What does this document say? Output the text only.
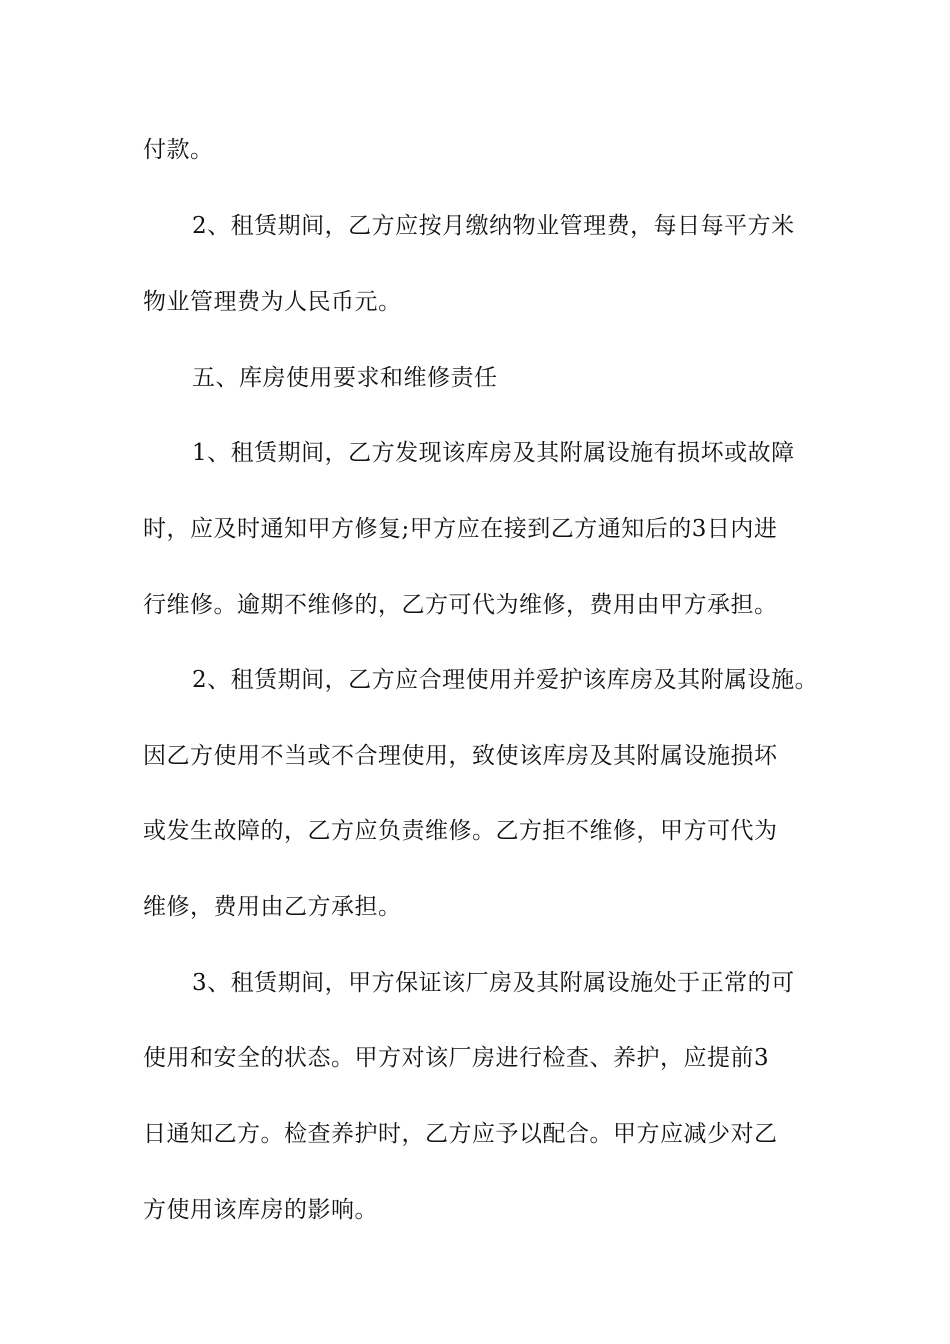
付款。
2、租赁期间，乙方应按月缴纳物业管理费，每日每平方米
物业管理费为人民币元。
五、库房使用要求和维修责任
1、租赁期间，乙方发现该库房及其附属设施有损坏或故障
时，应及时通知甲方修复;甲方应在接到乙方通知后的3日内进
行维修。逾期不维修的，乙方可代为维修，费用由甲方承担。
2、租赁期间，乙方应合理使用并爱护该库房及其附属设施。
因乙方使用不当或不合理使用，致使该库房及其附属设施损坏
或发生故障的，乙方应负责维修。乙方拒不维修，甲方可代为
维修，费用由乙方承担。
3、租赁期间，甲方保证该厂房及其附属设施处于正常的可
使用和安全的状态。甲方对该厂房进行检查、养护，应提前3
日通知乙方。检查养护时，乙方应予以配合。甲方应减少对乙
方使用该库房的影响。
